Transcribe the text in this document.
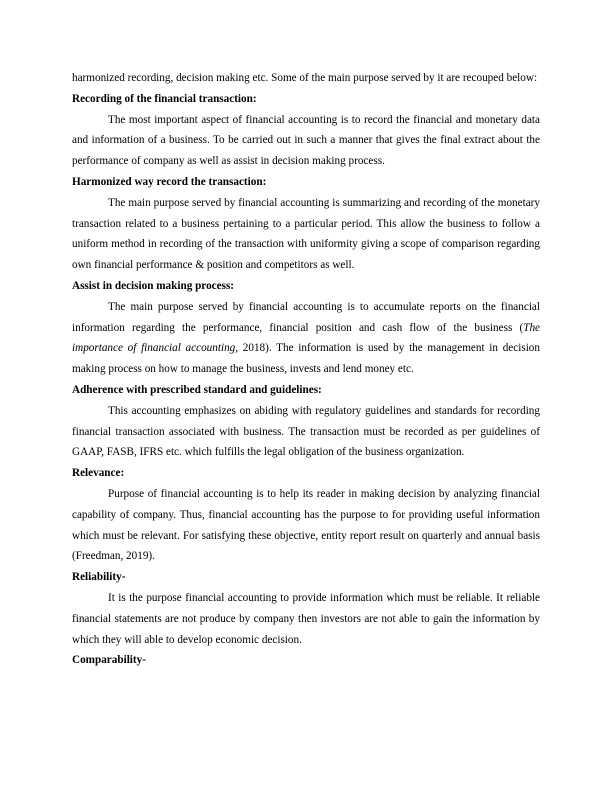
harmonized recording, decision making etc. Some of the main purpose served by it are recouped below:

Recording of the financial transaction:

The most important aspect of financial accounting is to record the financial and monetary data and information of a business. To be carried out in such a manner that gives the final extract about the performance of company as well as assist in decision making process.

Harmonized way record the transaction:

The main purpose served by financial accounting is summarizing and recording of the monetary transaction related to a business pertaining to a particular period. This allow the business to follow a uniform method in recording of the transaction with uniformity giving a scope of comparison regarding own financial performance & position and competitors as well.

Assist in decision making process:

The main purpose served by financial accounting is to accumulate reports on the financial information regarding the performance, financial position and cash flow of the business (The importance of financial accounting, 2018). The information is used by the management in decision making process on how to manage the business, invests and lend money etc.

Adherence with prescribed standard and guidelines:

This accounting emphasizes on abiding with regulatory guidelines and standards for recording financial transaction associated with business. The transaction must be recorded as per guidelines of GAAP, FASB, IFRS etc. which fulfills the legal obligation of the business organization.

Relevance:

Purpose of financial accounting is to help its reader in making decision by analyzing financial capability of company. Thus, financial accounting has the purpose to for providing useful information which must be relevant. For satisfying these objective, entity report result on quarterly and annual basis (Freedman, 2019).

Reliability-

It is the purpose financial accounting to provide information which must be reliable. It reliable financial statements are not produce by company then investors are not able to gain the information by which they will able to develop economic decision.

Comparability-
